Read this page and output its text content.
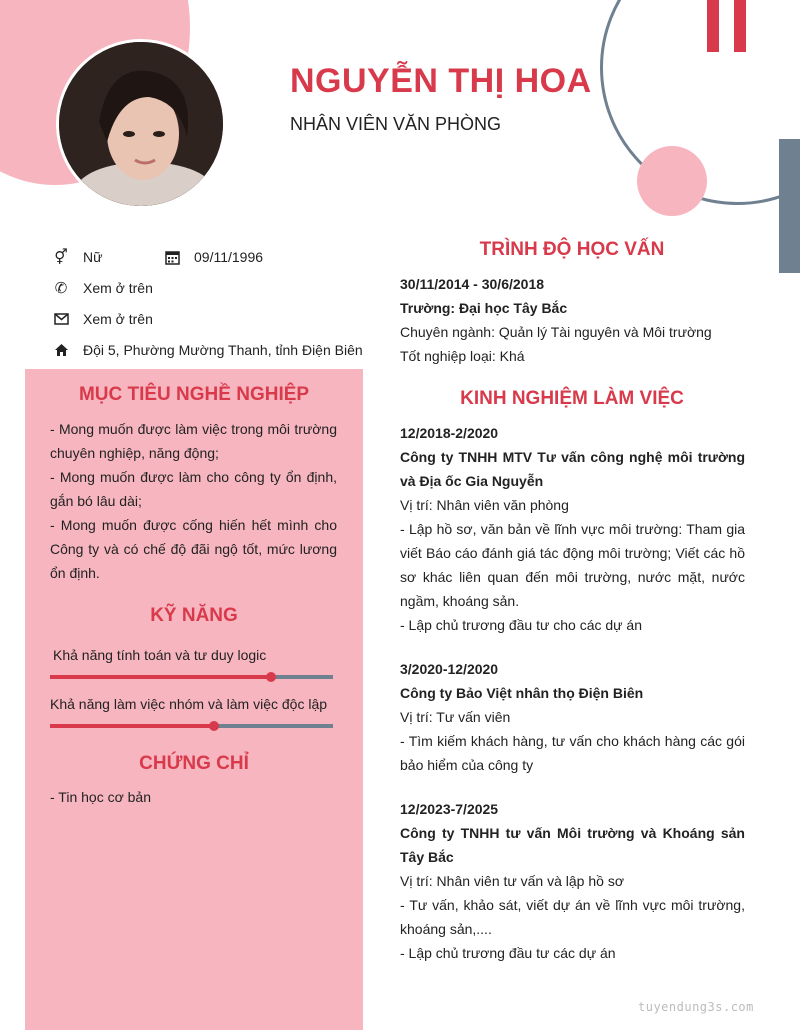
NGUYỄN THỊ HOA
NHÂN VIÊN VĂN PHÒNG
⚥ Nữ	09/11/1996
✆ Xem ở trên
Xem ở trên
Đội 5, Phường Mường Thanh, tỉnh Điện Biên
MỤC TIÊU NGHỀ NGHIỆP
- Mong muốn được làm việc trong môi trường chuyên nghiệp, năng động;
- Mong muốn được làm cho công ty ổn định, gắn bó lâu dài;
- Mong muốn được cống hiến hết mình cho Công ty và có chế độ đãi ngộ tốt, mức lương ổn định.
KỸ NĂNG
Khả năng tính toán và tư duy logic
Khả năng làm việc nhóm và làm việc độc lập
CHỨNG CHỈ
- Tin học cơ bản
TRÌNH ĐỘ HỌC VẤN
30/11/2014 - 30/6/2018
Trường: Đại học Tây Bắc
Chuyên ngành: Quản lý Tài nguyên và Môi trường
Tốt nghiệp loại: Khá
KINH NGHIỆM LÀM VIỆC
12/2018-2/2020
Công ty TNHH MTV Tư vấn công nghệ môi trường và Địa ốc Gia Nguyễn
Vị trí: Nhân viên văn phòng
- Lập hồ sơ, văn bản về lĩnh vực môi trường: Tham gia viết Báo cáo đánh giá tác động môi trường; Viết các hồ sơ khác liên quan đến môi trường, nước mặt, nước ngầm, khoáng sản.
- Lập chủ trương đầu tư cho các dự án
3/2020-12/2020
Công ty Bảo Việt nhân thọ Điện Biên
Vị trí: Tư vấn viên
- Tìm kiếm khách hàng, tư vấn cho khách hàng các gói bảo hiểm của công ty
12/2023-7/2025
Công ty TNHH tư vấn Môi trường và Khoáng sản Tây Bắc
Vị trí: Nhân viên tư vấn và lập hồ sơ
- Tư vấn, khảo sát, viết dự án về lĩnh vực môi trường, khoáng sản,....
- Lập chủ trương đầu tư các dự án
tuyendung3s.com
